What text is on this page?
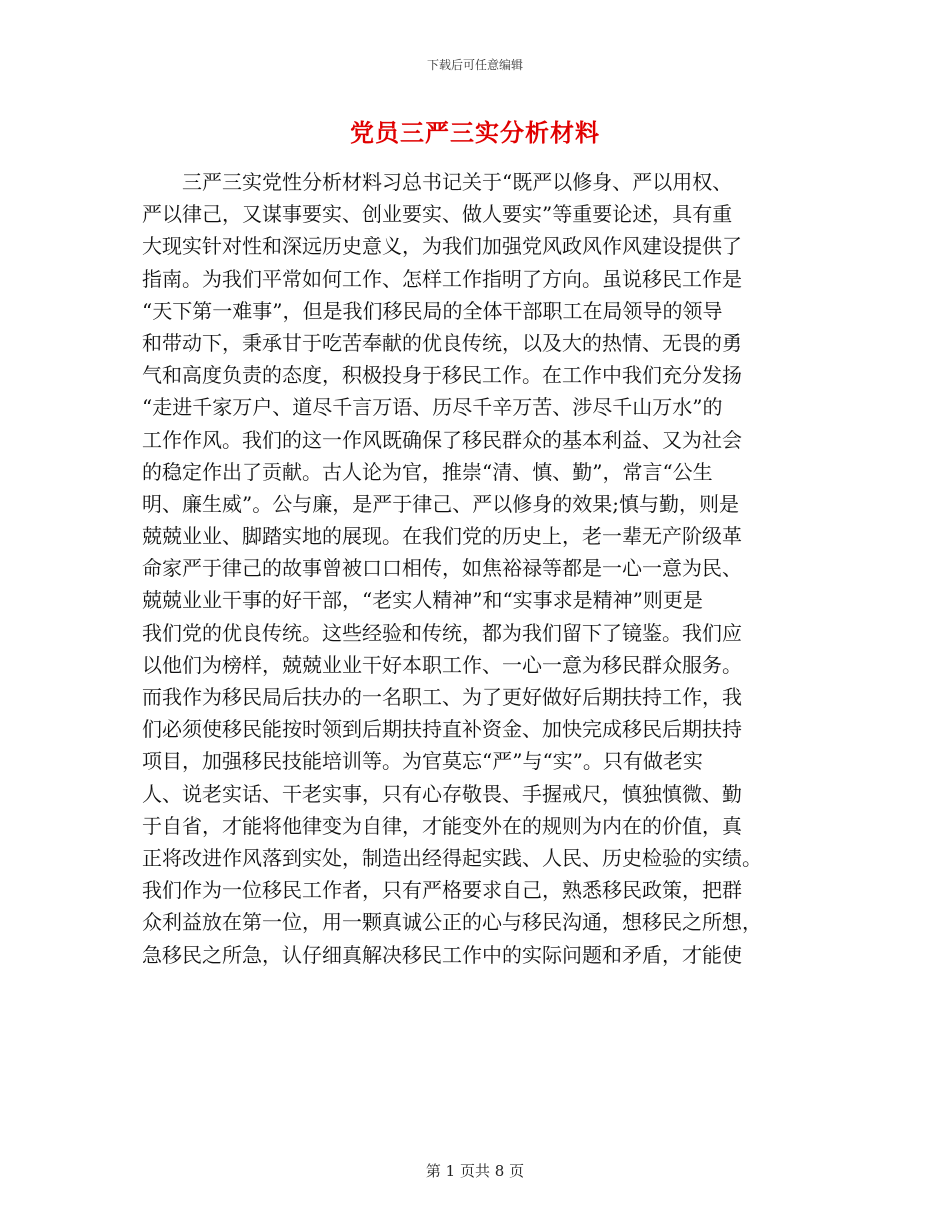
下载后可任意编辑
党员三严三实分析材料
三严三实党性分析材料习总书记关于“既严以修身、严以用权、
严以律己，又谋事要实、创业要实、做人要实”等重要论述，具有重
大现实针对性和深远历史意义，为我们加强党风政风作风建设提供了
指南。为我们平常如何工作、怎样工作指明了方向。虽说移民工作是
“天下第一难事”，但是我们移民局的全体干部职工在局领导的领导
和带动下，秉承甘于吃苦奉献的优良传统，以及大的热情、无畏的勇
气和高度负责的态度，积极投身于移民工作。在工作中我们充分发扬
“走进千家万户、道尽千言万语、历尽千辛万苦、涉尽千山万水”的
工作作风。我们的这一作风既确保了移民群众的基本利益、又为社会
的稳定作出了贡献。古人论为官，推崇“清、慎、勤”，常言“公生
明、廉生威”。公与廉，是严于律己、严以修身的效果;慎与勤，则是
兢兢业业、脚踏实地的展现。在我们党的历史上，老一辈无产阶级革
命家严于律己的故事曾被口口相传，如焦裕禄等都是一心一意为民、
兢兢业业干事的好干部，“老实人精神”和“实事求是精神”则更是
我们党的优良传统。这些经验和传统，都为我们留下了镜鉴。我们应
以他们为榜样，兢兢业业干好本职工作、一心一意为移民群众服务。
而我作为移民局后扶办的一名职工、为了更好做好后期扶持工作，我
们必须使移民能按时领到后期扶持直补资金、加快完成移民后期扶持
项目，加强移民技能培训等。为官莫忘“严”与“实”。只有做老实
人、说老实话、干老实事，只有心存敬畏、手握戒尺，慎独慎微、勤
于自省，才能将他律变为自律，才能变外在的规则为内在的价值，真
正将改进作风落到实处，制造出经得起实践、人民、历史检验的实绩。
我们作为一位移民工作者，只有严格要求自己，熟悉移民政策，把群
众利益放在第一位，用一颗真诚公正的心与移民沟通，想移民之所想，
急移民之所急，认仔细真解决移民工作中的实际问题和矛盾，才能使
第 1 页共 8 页
